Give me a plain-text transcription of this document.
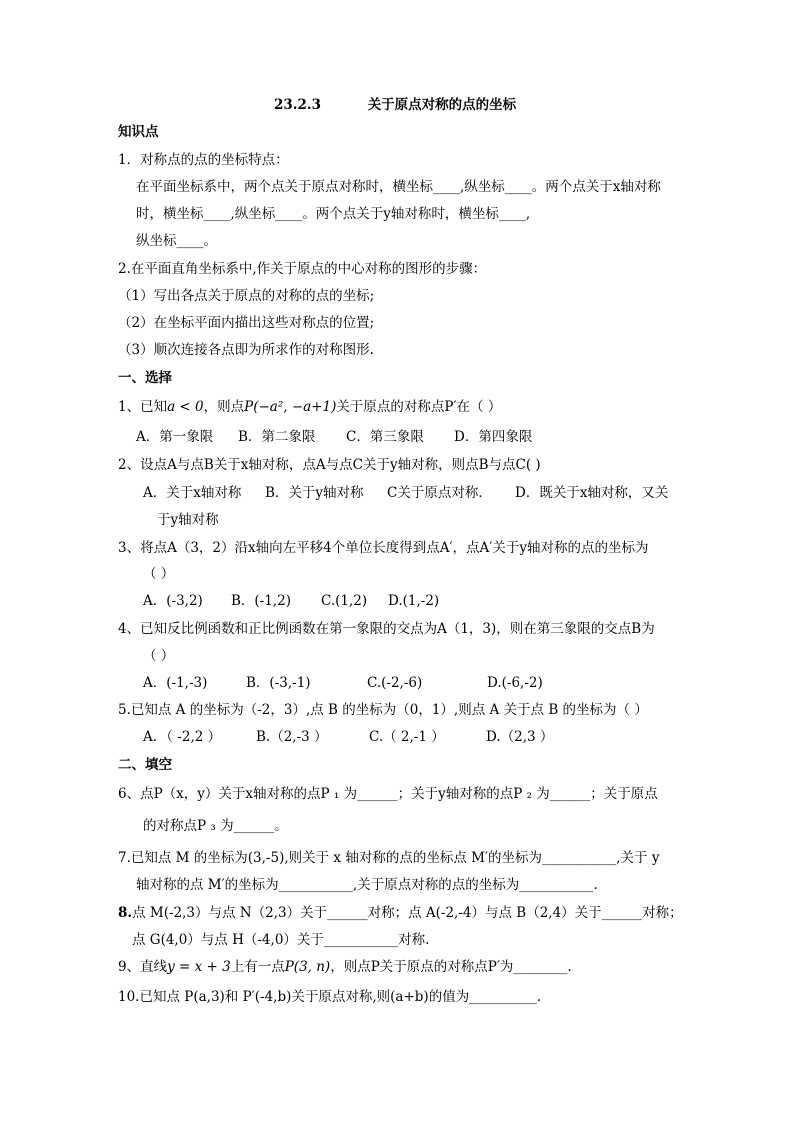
23.2.3	关于原点对称的点的坐标
知识点
1．对称点的点的坐标特点：
在平面坐标系中，两个点关于原点对称时，横坐标____,纵坐标____。两个点关于x轴对称
时，横坐标____,纵坐标____。两个点关于y轴对称时，横坐标____,
纵坐标____。
2.在平面直角坐标系中,作关于原点的中心对称的图形的步骤：
（1）写出各点关于原点的对称的点的坐标;
（2）在坐标平面内描出这些对称点的位置;
（3）顺次连接各点即为所求作的对称图形.
一、选择
1、已知a < 0，则点P(−a², −a+1)关于原点的对称点P′在（ ）
A．第一象限 B．第二象限 C．第三象限 D．第四象限
2、设点A与点B关于x轴对称，点A与点C关于y轴对称，则点B与点C( )
A．关于x轴对称 B．关于y轴对称 C关于原点对称． D．既关于x轴对称，又关
于y轴对称
3、将点A（3，2）沿x轴向左平移4个单位长度得到点A′，点A′关于y轴对称的点的坐标为
（ ）
A．(-3,2) B．(-1,2) C.(1,2) D.(1,-2)
4、已知反比例函数和正比例函数在第一象限的交点为A（1，3)，则在第三象限的交点B为
（ ）
A．(-1,-3)	B．(-3,-1)	C.(-2,-6)	D.(-6,-2)
5.已知点 A 的坐标为（-2，3）,点 B 的坐标为（0，1）,则点 A 关于点 B 的坐标为（ ）
A．（ -2,2 ）	B.（2,-3 ）	C.（ 2,-1 ）	D.（2,3 ）
二、填空
6、点P（x，y）关于x轴对称的点P ₁ 为______；关于y轴对称的点P ₂ 为______；关于原点
的对称点P ₃ 为______。
7.已知点 M 的坐标为(3,-5),则关于 x 轴对称的点的坐标点 M′的坐标为___________,关于 y
轴对称的点 M′的坐标为___________,关于原点对称的点的坐标为___________.
8.点 M(-2,3）与点 N（2,3）关于______对称；点 A(-2,-4）与点 B（2,4）关于______对称；
点 G(4,0）与点 H（-4,0）关于___________对称.
9、直线y = x + 3上有一点P(3, n)，则点P关于原点的对称点P′为________.
10.已知点 P(a,3)和 P′(-4,b)关于原点对称,则(a+b)的值为__________.
